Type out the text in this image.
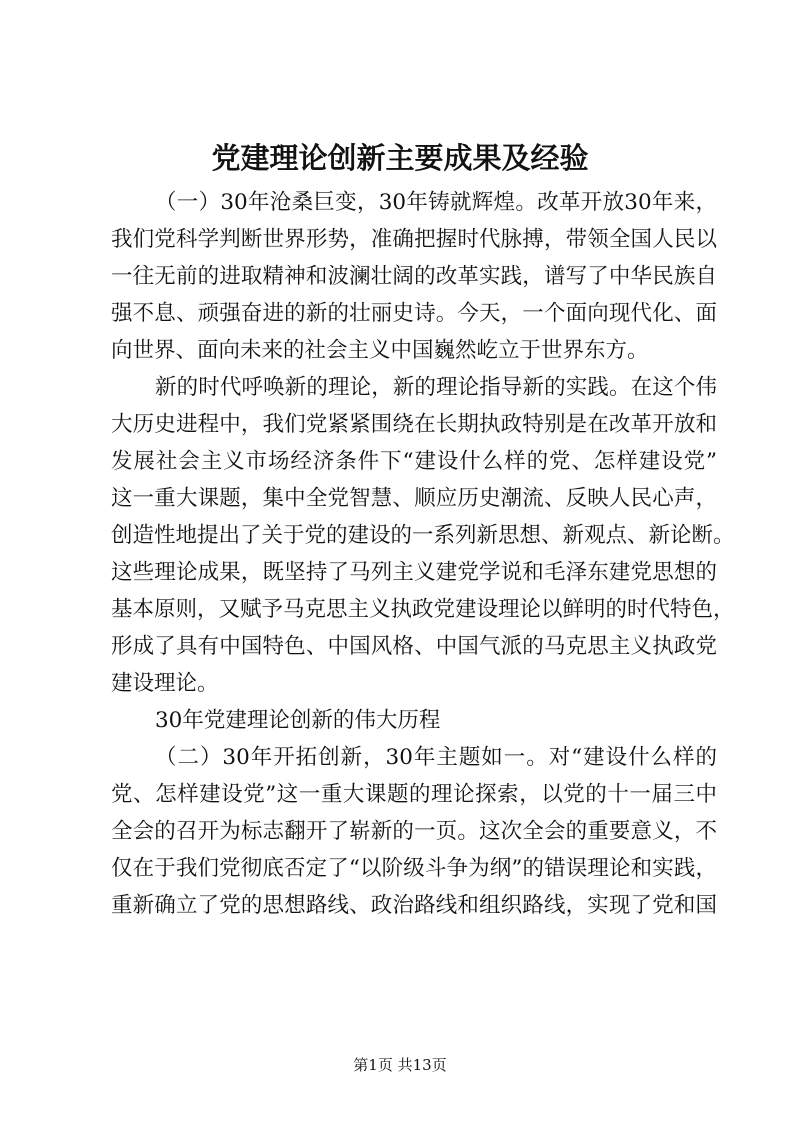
党建理论创新主要成果及经验
（一）30年沧桑巨变，30年铸就辉煌。改革开放30年来，
我们党科学判断世界形势，准确把握时代脉搏，带领全国人民以
一往无前的进取精神和波澜壮阔的改革实践，谱写了中华民族自
强不息、顽强奋进的新的壮丽史诗。今天，一个面向现代化、面
向世界、面向未来的社会主义中国巍然屹立于世界东方。
新的时代呼唤新的理论，新的理论指导新的实践。在这个伟
大历史进程中，我们党紧紧围绕在长期执政特别是在改革开放和
发展社会主义市场经济条件下“建设什么样的党、怎样建设党”
这一重大课题，集中全党智慧、顺应历史潮流、反映人民心声，
创造性地提出了关于党的建设的一系列新思想、新观点、新论断。
这些理论成果，既坚持了马列主义建党学说和毛泽东建党思想的
基本原则，又赋予马克思主义执政党建设理论以鲜明的时代特色，
形成了具有中国特色、中国风格、中国气派的马克思主义执政党
建设理论。
30年党建理论创新的伟大历程
（二）30年开拓创新，30年主题如一。对“建设什么样的
党、怎样建设党”这一重大课题的理论探索，以党的十一届三中
全会的召开为标志翻开了崭新的一页。这次全会的重要意义，不
仅在于我们党彻底否定了“以阶级斗争为纲”的错误理论和实践，
重新确立了党的思想路线、政治路线和组织路线，实现了党和国
第1页 共13页
